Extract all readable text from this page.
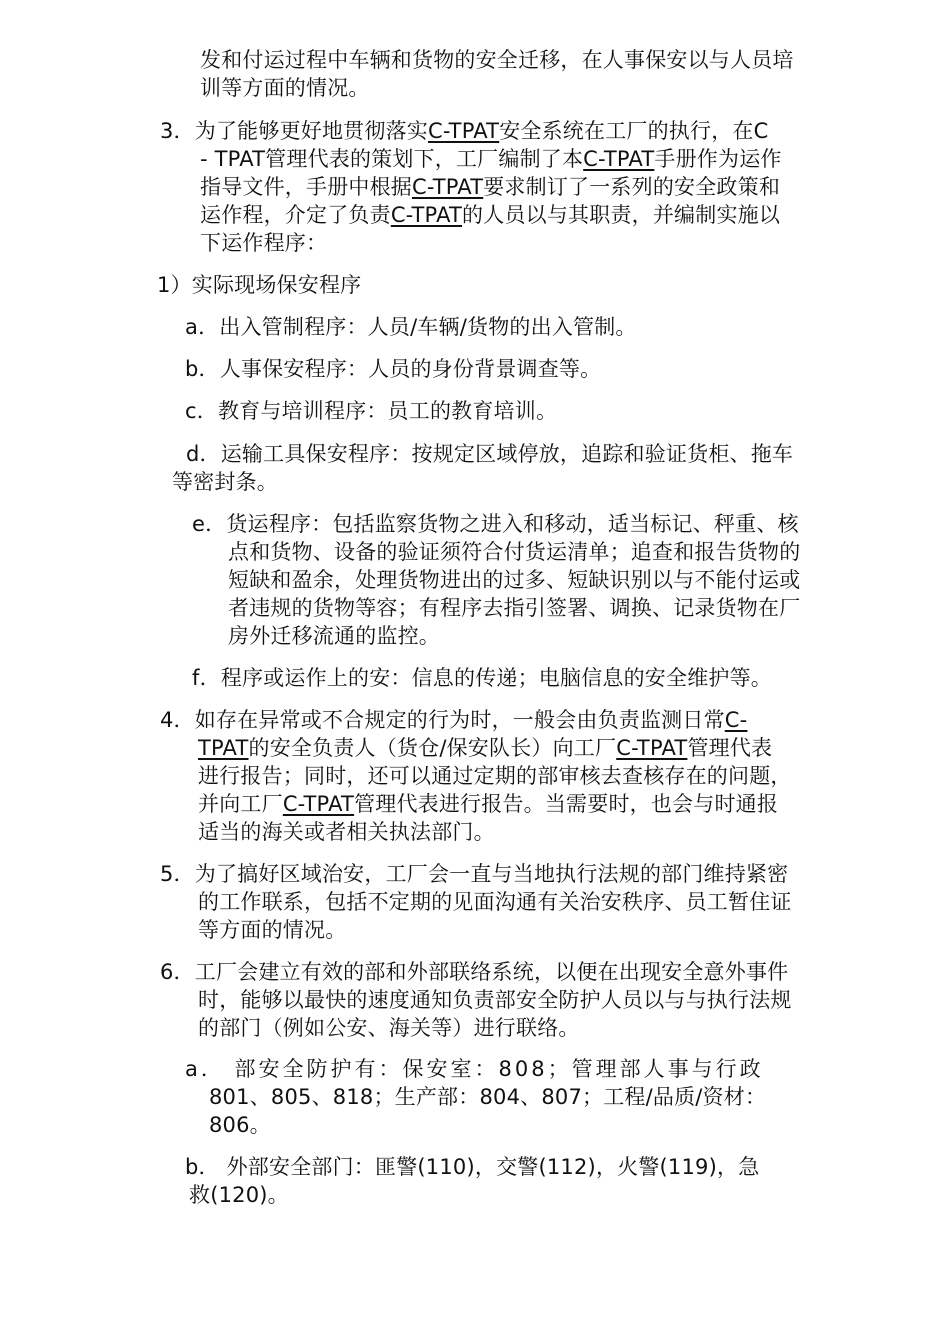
发和付运过程中车辆和货物的安全迁移，在人事保安以与人员培
训等方面的情况。
3．为了能够更好地贯彻落实C-TPAT安全系统在工厂的执行，在C
- TPAT管理代表的策划下，工厂编制了本C-TPAT手册作为运作
指导文件，手册中根据C-TPAT要求制订了一系列的安全政策和
运作程，介定了负责C-TPAT的人员以与其职责，并编制实施以
下运作程序：
1）实际现场保安程序
a．出入管制程序：人员/车辆/货物的出入管制。
b．人事保安程序：人员的身份背景调查等。
c．教育与培训程序：员工的教育培训。
d．运输工具保安程序：按规定区域停放，追踪和验证货柜、拖车
等密封条。
e．货运程序：包括监察货物之进入和移动，适当标记、秤重、核
点和货物、设备的验证须符合付货运清单；追查和报告货物的
短缺和盈余，处理货物进出的过多、短缺识别以与不能付运或
者违规的货物等容；有程序去指引签署、调换、记录货物在厂
房外迁移流通的监控。
f．程序或运作上的安：信息的传递；电脑信息的安全维护等。
4．如存在异常或不合规定的行为时，一般会由负责监测日常C-
TPAT的安全负责人（货仓/保安队长）向工厂C-TPAT管理代表
进行报告；同时，还可以通过定期的部审核去查核存在的问题，
并向工厂C-TPAT管理代表进行报告。当需要时，也会与时通报
适当的海关或者相关执法部门。
5．为了搞好区域治安，工厂会一直与当地执行法规的部门维持紧密
的工作联系，包括不定期的见面沟通有关治安秩序、员工暂住证
等方面的情况。
6．工厂会建立有效的部和外部联络系统，以便在出现安全意外事件
时，能够以最快的速度通知负责部安全防护人员以与与执行法规
的部门（例如公安、海关等）进行联络。
a． 部安全防护有：保安室：808；管理部人事与行政
801、805、818；生产部：804、807；工程/品质/资材：
806。
b． 外部安全部门：匪警(110)，交警(112)，火警(119)，急
救(120)。
